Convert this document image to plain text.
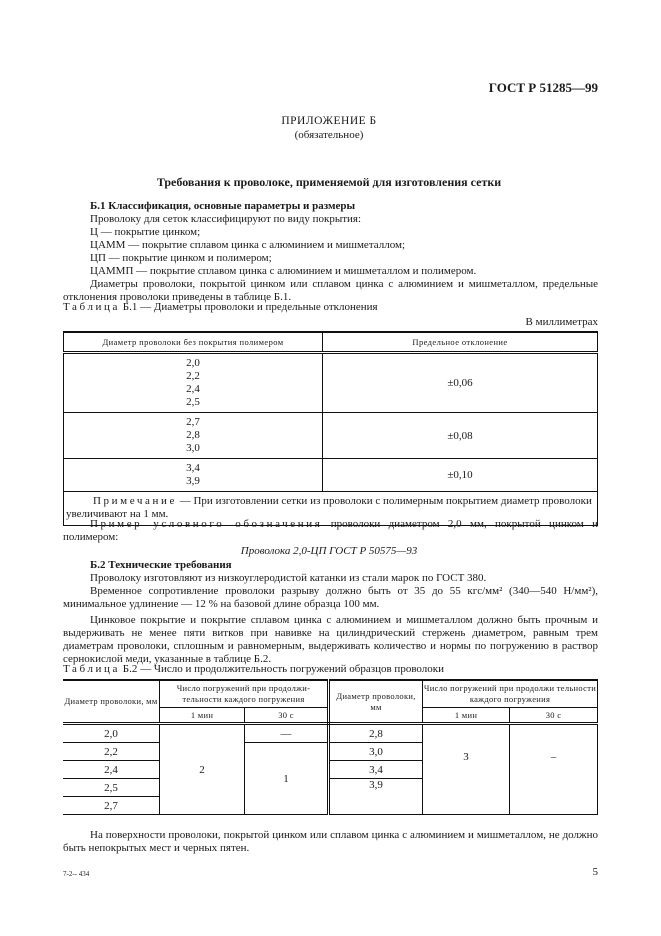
ГОСТ Р 51285—99
ПРИЛОЖЕНИЕ Б
(обязательное)
Требования к проволоке, применяемой для изготовления сетки
Б.1 Классификация, основные параметры и размеры
Проволоку для сеток классифицируют по виду покрытия:
Ц — покрытие цинком;
ЦАММ — покрытие сплавом цинка с алюминием и мишметаллом;
ЦП — покрытие цинком и полимером;
ЦАММП — покрытие сплавом цинка с алюминием и мишметаллом и полимером.
Диаметры проволоки, покрытой цинком или сплавом цинка с алюминием и мишметаллом, предельные отклонения проволоки приведены в таблице Б.1.
Таблица Б.1 — Диаметры проволоки и предельные отклонения
В миллиметрах
Диаметр проволоки без покрытия полимером	Предельное отклонение

2,0
2,2
2,4
2,5	±0,06

2,7
2,8
3,0	±0,08

3,4
3,9	±0,10
Примечание — При изготовлении сетки из проволоки с полимерным покрытием диаметр проволоки увеличивают на 1 мм.	
Пример условного обозначения проволоки диаметром 2,0 мм, покрытой цинком и полимером:
Проволока 2,0-ЦП ГОСТ Р 50575—93
Б.2 Технические требования
Проволоку изготовляют из низкоуглеродистой катанки из стали марок по ГОСТ 380.
Временное сопротивление проволоки разрыву должно быть от 35 до 55 кгс/мм² (340—540 Н/мм²), минимальное удлинение — 12 % на базовой длине образца 100 мм.
Цинковое покрытие и покрытие сплавом цинка с алюминием и мишметаллом должно быть прочным и выдерживать не менее пяти витков при навивке на цилиндрический стержень диаметром, равным трем диаметрам проволоки, сплошным и равномерным, выдерживать количество и нормы по погружению в раствор сернокислой меди, указанные в таблице Б.2.
Таблица Б.2 — Число и продолжительность погружений образцов проволоки
Диаметр проволоки, мм	Число погружений при продолжи-тельности каждого погружения		Диаметр проволоки, мм	Число погружений при продолжи тельности каждого погружения	
	1 мин	30 с		1 мин	30 с
2,0	2	—	2,8	3	–
2,2		1	3,0		
2,4			3,4		
2,5			3,9		
2,7					
На поверхности проволоки, покрытой цинком или сплавом цинка с алюминием и мишметаллом, не должно быть непокрытых мест и черных пятен.
7-2-- 434	5
